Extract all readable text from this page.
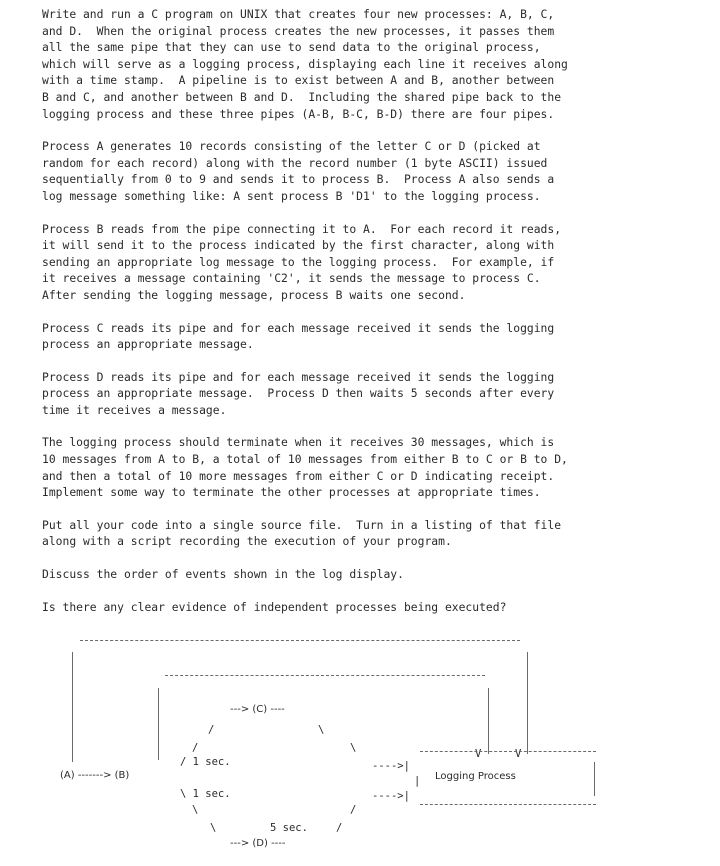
Write and run a C program on UNIX that creates four new processes: A, B, C,
and D.  When the original process creates the new processes, it passes them
all the same pipe that they can use to send data to the original process,
which will serve as a logging process, displaying each line it receives along
with a time stamp.  A pipeline is to exist between A and B, another between
B and C, and another between B and D.  Including the shared pipe back to the
logging process and these three pipes (A-B, B-C, B-D) there are four pipes.

Process A generates 10 records consisting of the letter C or D (picked at
random for each record) along with the record number (1 byte ASCII) issued
sequentially from 0 to 9 and sends it to process B.  Process A also sends a
log message something like: A sent process B 'D1' to the logging process.

Process B reads from the pipe connecting it to A.  For each record it reads,
it will send it to the process indicated by the first character, along with
sending an appropriate log message to the logging process.  For example, if
it receives a message containing 'C2', it sends the message to process C.
After sending the logging message, process B waits one second.

Process C reads its pipe and for each message received it sends the logging
process an appropriate message.

Process D reads its pipe and for each message received it sends the logging
process an appropriate message.  Process D then waits 5 seconds after every
time it receives a message.

The logging process should terminate when it receives 30 messages, which is
10 messages from A to B, a total of 10 messages from either B to C or B to D,
and then a total of 10 more messages from either C or D indicating receipt.
Implement some way to terminate the other processes at appropriate times.

Put all your code into a single source file.  Turn in a listing of that file
along with a script recording the execution of your program.

Discuss the order of events shown in the log display.

Is there any clear evidence of independent processes being executed?

V	V
---> (C) ----
/
/
\
\
/ 1 sec.
(A) -------> (B)
\ 1 sec.
\
\	5 sec.	/
/
---> (D) ----
---->|
---->|
| Logging Process
